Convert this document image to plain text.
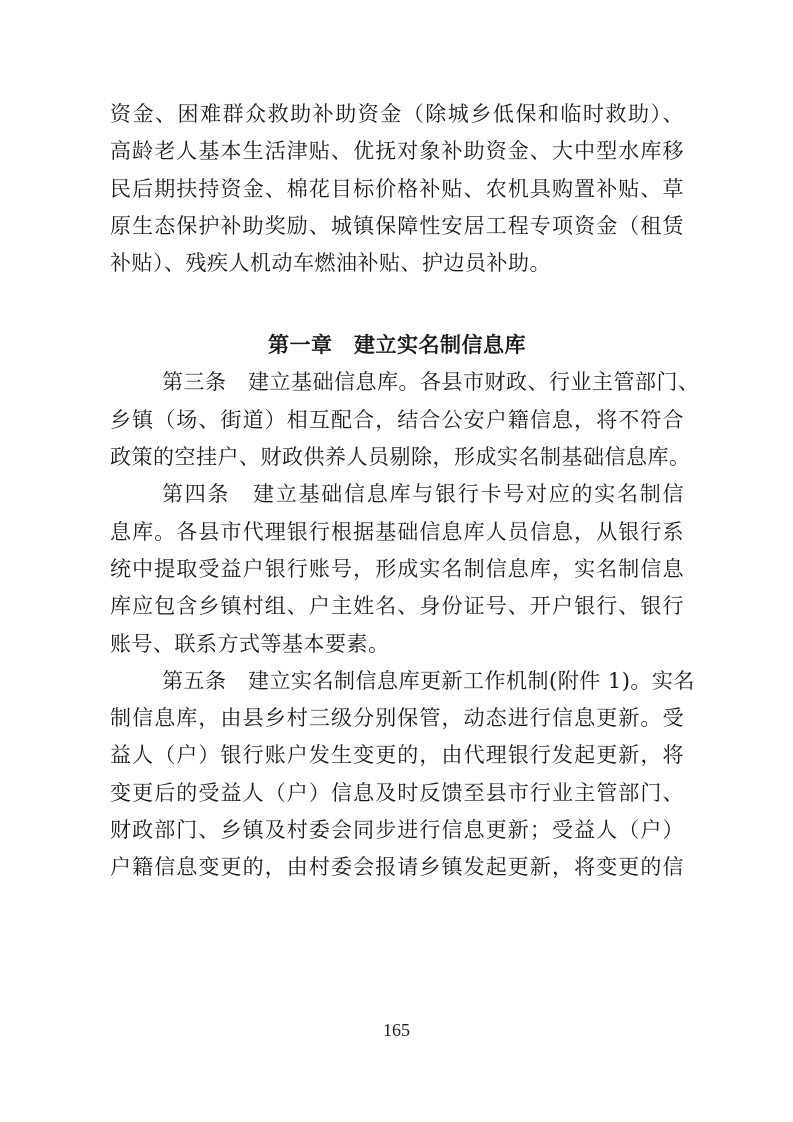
资金、困难群众救助补助资金（除城乡低保和临时救助）、
高龄老人基本生活津贴、优抚对象补助资金、大中型水库移
民后期扶持资金、棉花目标价格补贴、农机具购置补贴、草
原生态保护补助奖励、城镇保障性安居工程专项资金（租赁
补贴）、残疾人机动车燃油补贴、护边员补助。
第一章　建立实名制信息库
第三条　建立基础信息库。各县市财政、行业主管部门、
乡镇（场、街道）相互配合，结合公安户籍信息，将不符合
政策的空挂户、财政供养人员剔除，形成实名制基础信息库。
第四条　建立基础信息库与银行卡号对应的实名制信
息库。各县市代理银行根据基础信息库人员信息，从银行系
统中提取受益户银行账号，形成实名制信息库，实名制信息
库应包含乡镇村组、户主姓名、身份证号、开户银行、银行
账号、联系方式等基本要素。
第五条　建立实名制信息库更新工作机制(附件 1)。实名
制信息库，由县乡村三级分别保管，动态进行信息更新。受
益人（户）银行账户发生变更的，由代理银行发起更新，将
变更后的受益人（户）信息及时反馈至县市行业主管部门、
财政部门、乡镇及村委会同步进行信息更新；受益人（户）
户籍信息变更的，由村委会报请乡镇发起更新，将变更的信
165
